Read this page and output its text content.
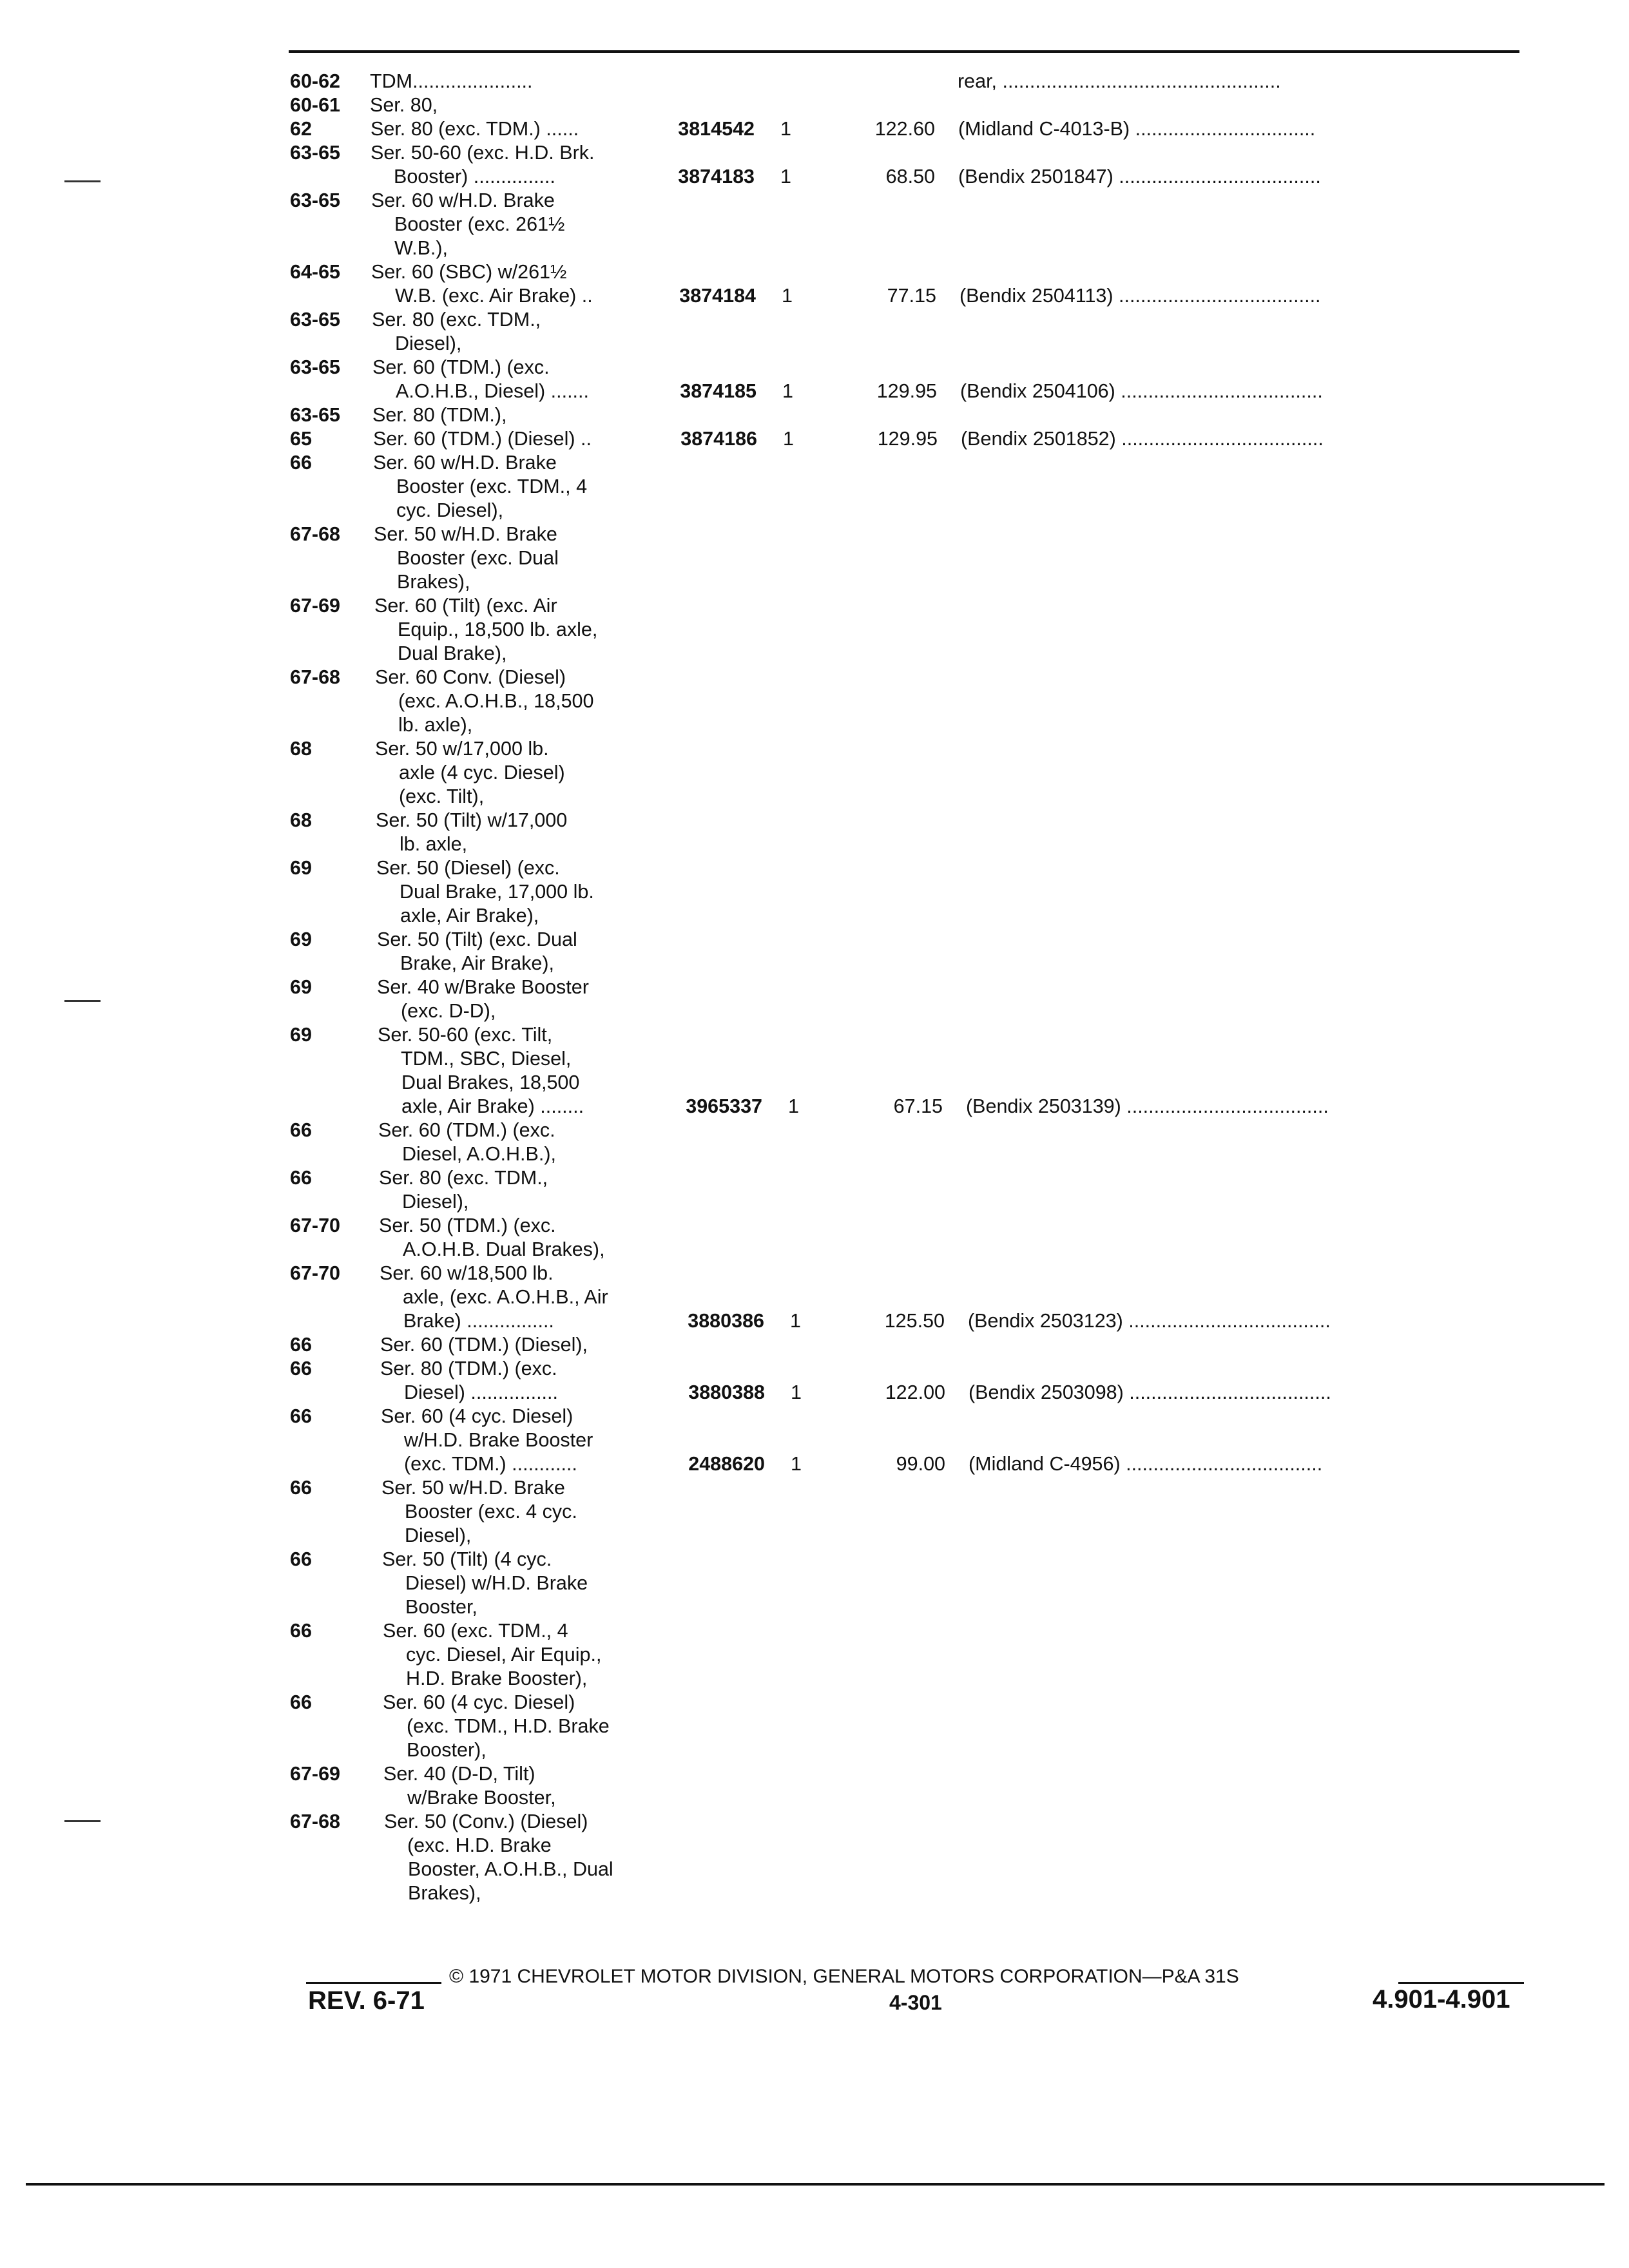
60-62 TDM......................	rear, ...................................................
60-61 Ser. 80,
62	Ser. 80 (exc. TDM.) ......	3814542 1	122.60 (Midland C-4013-B) .................................
63-65 Ser. 50-60 (exc. H.D. Brk.
Booster) ...............	3874183 1	68.50 (Bendix 2501847) .....................................
63-65 Ser. 60 w/H.D. Brake
Booster (exc. 261½
W.B.),
64-65 Ser. 60 (SBC) w/261½
W.B. (exc. Air Brake) ..	3874184 1	77.15 (Bendix 2504113) .....................................
63-65 Ser. 80 (exc. TDM.,
Diesel),
63-65 Ser. 60 (TDM.) (exc.
A.O.H.B., Diesel) .......	3874185 1	129.95 (Bendix 2504106) .....................................
63-65 Ser. 80 (TDM.),
65	Ser. 60 (TDM.) (Diesel) ..	3874186 1	129.95 (Bendix 2501852) .....................................
66	Ser. 60 w/H.D. Brake
Booster (exc. TDM., 4
cyc. Diesel),
67-68 Ser. 50 w/H.D. Brake
Booster (exc. Dual
Brakes),
67-69 Ser. 60 (Tilt) (exc. Air
Equip., 18,500 lb. axle,
Dual Brake),
67-68 Ser. 60 Conv. (Diesel)
(exc. A.O.H.B., 18,500
lb. axle),
68	Ser. 50 w/17,000 lb.
axle (4 cyc. Diesel)
(exc. Tilt),
68	Ser. 50 (Tilt) w/17,000
lb. axle,
69	Ser. 50 (Diesel) (exc.
Dual Brake, 17,000 lb.
axle, Air Brake),
69	Ser. 50 (Tilt) (exc. Dual
Brake, Air Brake),
69	Ser. 40 w/Brake Booster
(exc. D-D),
69	Ser. 50-60 (exc. Tilt,
TDM., SBC, Diesel,
Dual Brakes, 18,500
axle, Air Brake) ........	3965337 1	67.15 (Bendix 2503139) .....................................
66	Ser. 60 (TDM.) (exc.
Diesel, A.O.H.B.),
66	Ser. 80 (exc. TDM.,
Diesel),
67-70 Ser. 50 (TDM.) (exc.
A.O.H.B. Dual Brakes),
67-70 Ser. 60 w/18,500 lb.
axle, (exc. A.O.H.B., Air
Brake) ................	3880386 1	125.50 (Bendix 2503123) .....................................
66	Ser. 60 (TDM.) (Diesel),
66	Ser. 80 (TDM.) (exc.
Diesel) ................	3880388 1	122.00 (Bendix 2503098) .....................................
66	Ser. 60 (4 cyc. Diesel)
w/H.D. Brake Booster
(exc. TDM.) ............	2488620 1	99.00 (Midland C-4956) ....................................
66	Ser. 50 w/H.D. Brake
Booster (exc. 4 cyc.
Diesel),
66	Ser. 50 (Tilt) (4 cyc.
Diesel) w/H.D. Brake
Booster,
66	Ser. 60 (exc. TDM., 4
cyc. Diesel, Air Equip.,
H.D. Brake Booster),
66	Ser. 60 (4 cyc. Diesel)
(exc. TDM., H.D. Brake
Booster),
67-69 Ser. 40 (D-D, Tilt)
w/Brake Booster,
67-68 Ser. 50 (Conv.) (Diesel)
(exc. H.D. Brake
Booster, A.O.H.B., Dual
Brakes),
© 1971 CHEVROLET MOTOR DIVISION, GENERAL MOTORS CORPORATION—P&A 31S
REV. 6-71	4-301	4.901-4.901
